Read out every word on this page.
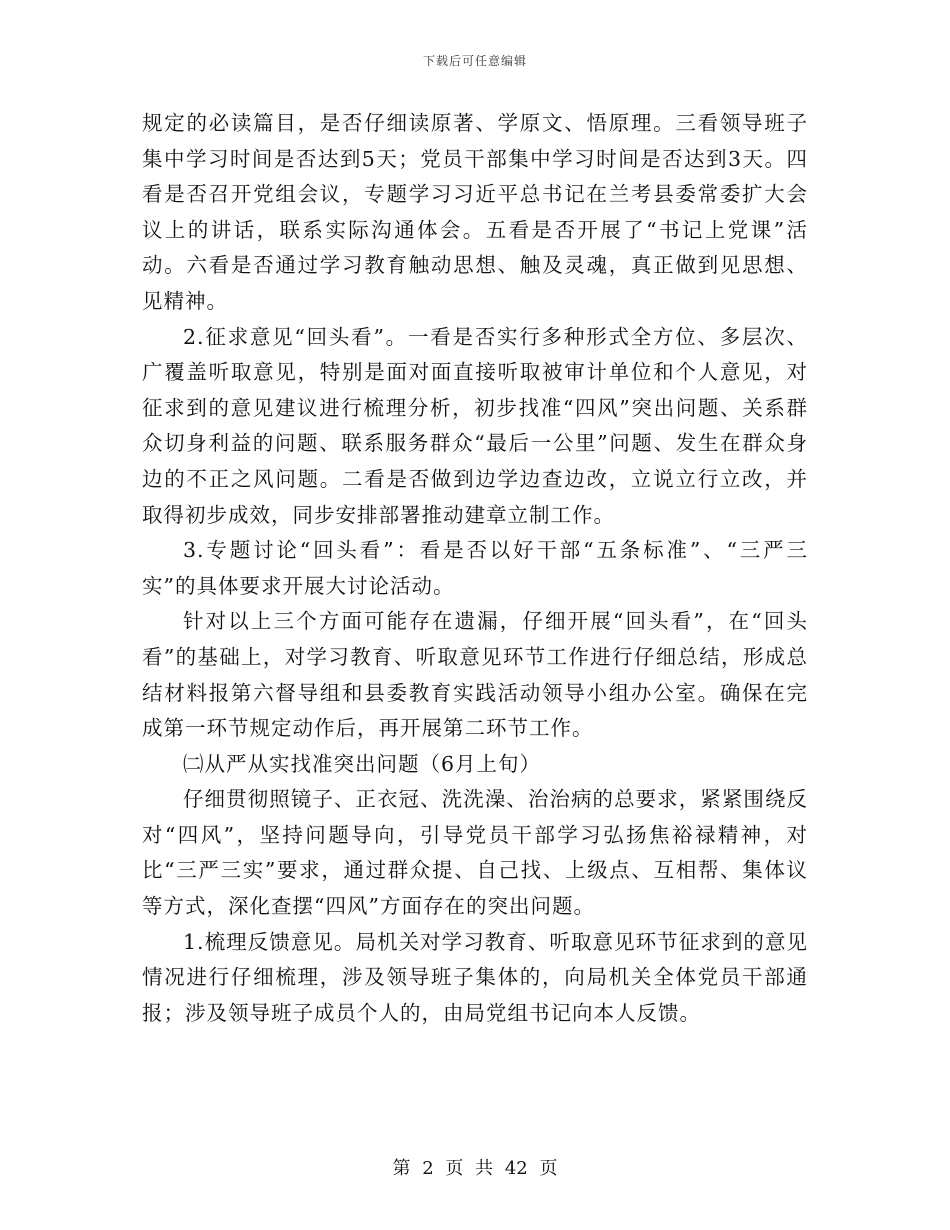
下载后可任意编辑

规定的必读篇目，是否仔细读原著、学原文、悟原理。三看领导班子集中学习时间是否达到5天；党员干部集中学习时间是否达到3天。四看是否召开党组会议，专题学习习近平总书记在兰考县委常委扩大会议上的讲话，联系实际沟通体会。五看是否开展了“书记上党课”活动。六看是否通过学习教育触动思想、触及灵魂，真正做到见思想、见精神。

2.征求意见“回头看”。一看是否实行多种形式全方位、多层次、广覆盖听取意见，特别是面对面直接听取被审计单位和个人意见，对征求到的意见建议进行梳理分析，初步找准“四风”突出问题、关系群众切身利益的问题、联系服务群众“最后一公里”问题、发生在群众身边的不正之风问题。二看是否做到边学边查边改，立说立行立改，并取得初步成效，同步安排部署推动建章立制工作。

3.专题讨论“回头看”：看是否以好干部“五条标准”、“三严三实”的具体要求开展大讨论活动。

针对以上三个方面可能存在遗漏，仔细开展“回头看”，在“回头看”的基础上，对学习教育、听取意见环节工作进行仔细总结，形成总结材料报第六督导组和县委教育实践活动领导小组办公室。确保在完成第一环节规定动作后，再开展第二环节工作。

㈡从严从实找准突出问题（6月上旬）

仔细贯彻照镜子、正衣冠、洗洗澡、治治病的总要求，紧紧围绕反对“四风”，坚持问题导向，引导党员干部学习弘扬焦裕禄精神，对比“三严三实”要求，通过群众提、自己找、上级点、互相帮、集体议等方式，深化查摆“四风”方面存在的突出问题。

1.梳理反馈意见。局机关对学习教育、听取意见环节征求到的意见情况进行仔细梳理，涉及领导班子集体的，向局机关全体党员干部通报；涉及领导班子成员个人的，由局党组书记向本人反馈。

第 2 页 共 42 页
